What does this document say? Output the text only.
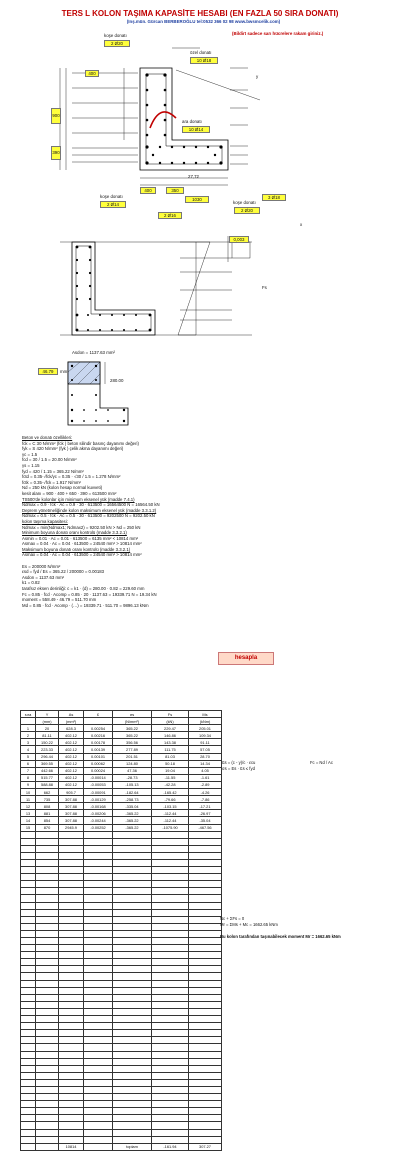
TERS L KOLON TAŞIMA KAPASİTE HESABI (EN FAZLA 50 SIRA DONATI)
(Inş.mün. Gürcan BERBEROĞLU tel:0532 366 02 98 www.bwsmcelik.com)
(Bildirt sadece sarı hücrelere rakam giriniz.)
koşe donatı
2 Ø20
özel donatı
10 Ø18
400
900
390
ara donatı
10 Ø14
400	350
1030
koşe donatı
2 Ø14
3 Ø18
koşe donatı
2 Ø20
2 Ø16
0,003
27,72
y
x
Fs
Asdon = 1137.63 mm²
46.79	mm
280.00
Beton ve donatı özellikleri:
fck = C 30 N/mm² (fck ) beton silindir basınç dayanımı değeri)
fyk = S 420 N/mm² (fyk ) çelik akma dayanımı değeri)
γc = 1.5
fcd = 30 / 1.5 = 20.00 N/mm²
γs = 1.15
fyd = 420 / 1.15 = 365.22 N/mm²
fctd = 0.35·√fck/γc = 0.35 · √30 / 1.5 = 1.278 N/mm²
fctk = 0.35·√fck = 1.917 N/mm²
Nd = 250 kN (kolon hesap normal kuvveti)
kesit alanı = 900 · 400 + 650 · 390 = 613500 mm²
TS500'de kolonlar için minimum eksenel yük (madde 7.4.1)
Ndmax = 0.9 · fck · Ac = 0.9 · 30 · 613500 = 16564500 N = 16564.50 kN
Deprem yönetmeliğinde kolon maksimum eksenel yük (madde 3.3.1.2)
Ndmax = 0.5 · fck · Ac = 0.5 · 30 · 613500 = 9202500 N = 9202.50 kN
kolon taşıma kapasitesi:
Ndmax = min(Ndmax1; Ndmax2) = 9202.50 kN > Nd = 250 kN
Minimum boyuna donatı oranı kontrolü (madde 3.3.2.1)
Asmin = 0.01 · Ac = 0.01 · 613500 = 6135 mm² < 10814 mm²
Asmax = 0.04 · Ac = 0.04 · 613500 = 24540 mm² > 10814 mm²
Maksimum boyuna donatı oranı kontrolü (madde 3.3.2.1)
Asmax = 0.04 · Ac = 0.04 · 613500 = 24540 mm² > 10814 mm²
Es = 200000 N/mm²
εsd = fyd / Es = 365.22 / 200000 = 0.00183
Asdon = 1137.63 mm²
k1 = 0.82
tarafsız eksen derinliği: c = k1 · (d) = 280.00 · 0.82 = 229.60 mm
Fc = 0.85 · fcd · Acomp = 0.85 · 20 · 1137.63 = 19339.71 N = 19.34 kN
moment = 558.49 - 46.79 = 511.70 mm
Md = 0.85 · fcd · Acomp · (…) = 19339.71 · 511.70 = 9896.13 kNm
hesapla
sıra	Y	As	Ɛ	σs	Fs	Ms
	(mm)	(mm²)		(N/mm²)	(kN)	(kNm)
1	20	628.3	0.00254	365.22	229.47	205.01
2	81.11	402.12	0.00216	365.22	146.86	109.34
3	150.22	402.12	0.00178	356.56	143.38	91.11
4	223.33	402.12	0.00139	277.89	111.75	57.05
5	296.44	402.12	0.00101	201.51	81.03	28.70
6	369.55	402.12	0.00062	124.80	50.18	14.34
7	442.66	402.12	0.00024	47.36	19.04	4.05
8	515.77	402.12	-0.00014	-28.73	-11.55	-1.61
9	588.88	402.12	-0.00053	-105.13	-42.28	-2.89
10	662	905.7	-0.00091	-182.64	-165.42	-4.26
11	735	307.88	-0.00129	-258.73	-79.66	-7.86
12	808	307.88	-0.00168	-335.04	-103.15	-17.21
13	881	307.88	-0.00206	-365.22	-112.44	-26.97
14	854	307.88	-0.00244	-365.22	-112.44	-35.04
15	870	2945.9	-0.00252	-365.22	-1075.90	-467.56

		10814		toplam	-161.94	307.27
Nc + ΣFs = 0
Mr = ΣMs + Mc = 1662.65 kNm
Bu kolon tarafından taşınabilecek moment Mr = 1662.65 kNm
Fc = Nd / Ac
Ɛs = (c - y)/c · εcu
σs = Es · Ɛs ≤ fyd
